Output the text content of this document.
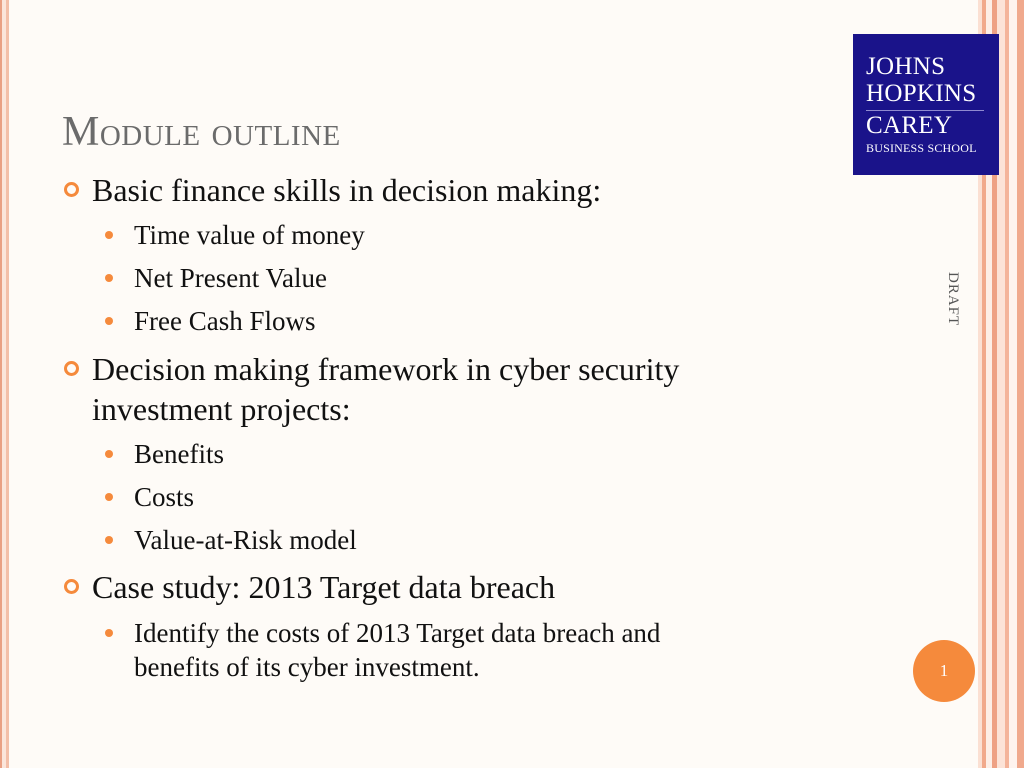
JOHNS
HOPKINS
CAREY
BUSINESS SCHOOL
Module outline
DRAFT
Basic finance skills in decision making:
Time value of money
Net Present Value
Free Cash Flows
Decision making framework in cyber security
investment projects:
Benefits
Costs
Value-at-Risk model
Case study: 2013 Target data breach
Identify the costs of 2013 Target data breach and
benefits of its cyber investment.	1
